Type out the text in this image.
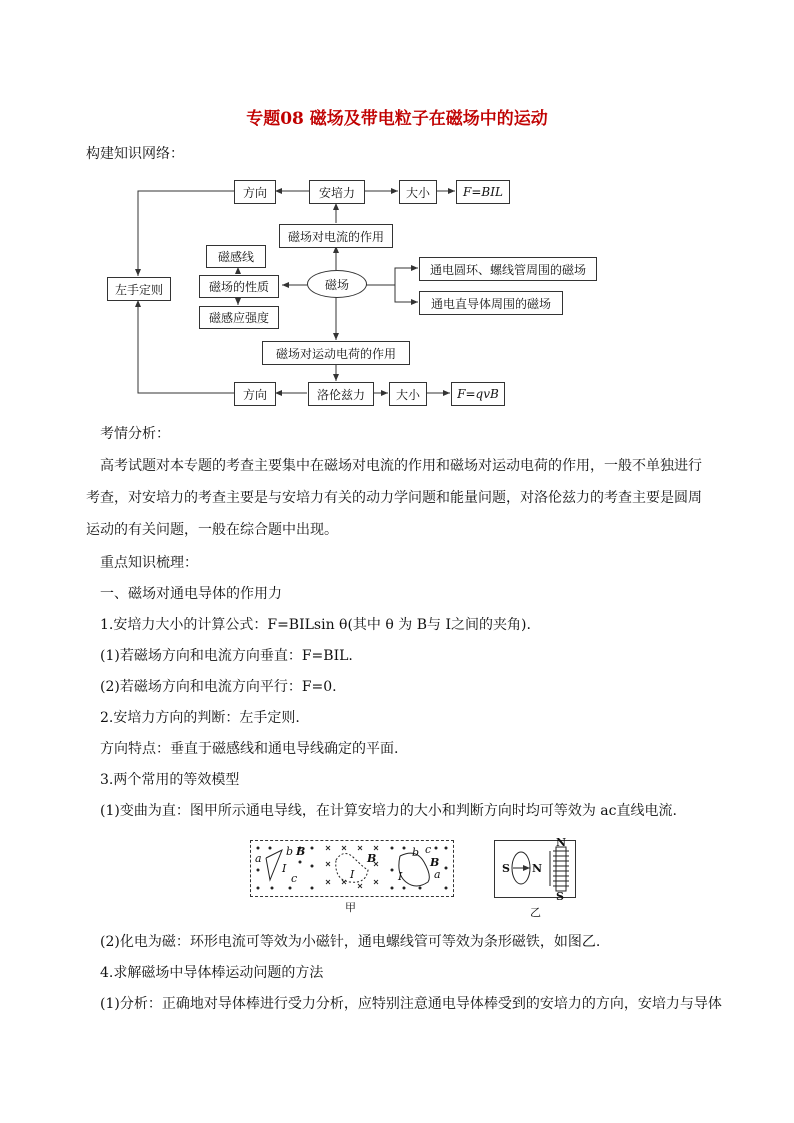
专题08 磁场及带电粒子在磁场中的运动
构建知识网络：
方向	安培力	大小	F=BIL
磁场对电流的作用
磁感线
磁场的性质
磁感应强度
左手定则	磁场
通电圆环、螺线管周围的磁场
通电直导体周围的磁场
磁场对运动电荷的作用
方向	洛伦兹力	大小	F=qvB
考情分析：
高考试题对本专题的考查主要集中在磁场对电流的作用和磁场对运动电荷的作用，一般不单独进行考查，对安培力的考查主要是与安培力有关的动力学问题和能量问题，对洛伦兹力的考查主要是圆周运动的有关问题，一般在综合题中出现。
重点知识梳理：
一、磁场对通电导体的作用力
1.安培力大小的计算公式：F=BILsin θ(其中 θ 为 B与 I之间的夹角).
(1)若磁场方向和电流方向垂直：F=BIL.
(2)若磁场方向和电流方向平行：F=0.
2.安培力方向的判断：左手定则.
方向特点：垂直于磁感线和通电导线确定的平面.
3.两个常用的等效模型
(1)变曲为直：图甲所示通电导线，在计算安培力的大小和判断方向时均可等效为 ac直线电流.
a
b
c
B
I
B
I
b c
B
a
I
甲
S N
N
S
乙
(2)化电为磁：环形电流可等效为小磁针，通电螺线管可等效为条形磁铁，如图乙.
4.求解磁场中导体棒运动问题的方法
(1)分析：正确地对导体棒进行受力分析，应特别注意通电导体棒受到的安培力的方向，安培力与导体
